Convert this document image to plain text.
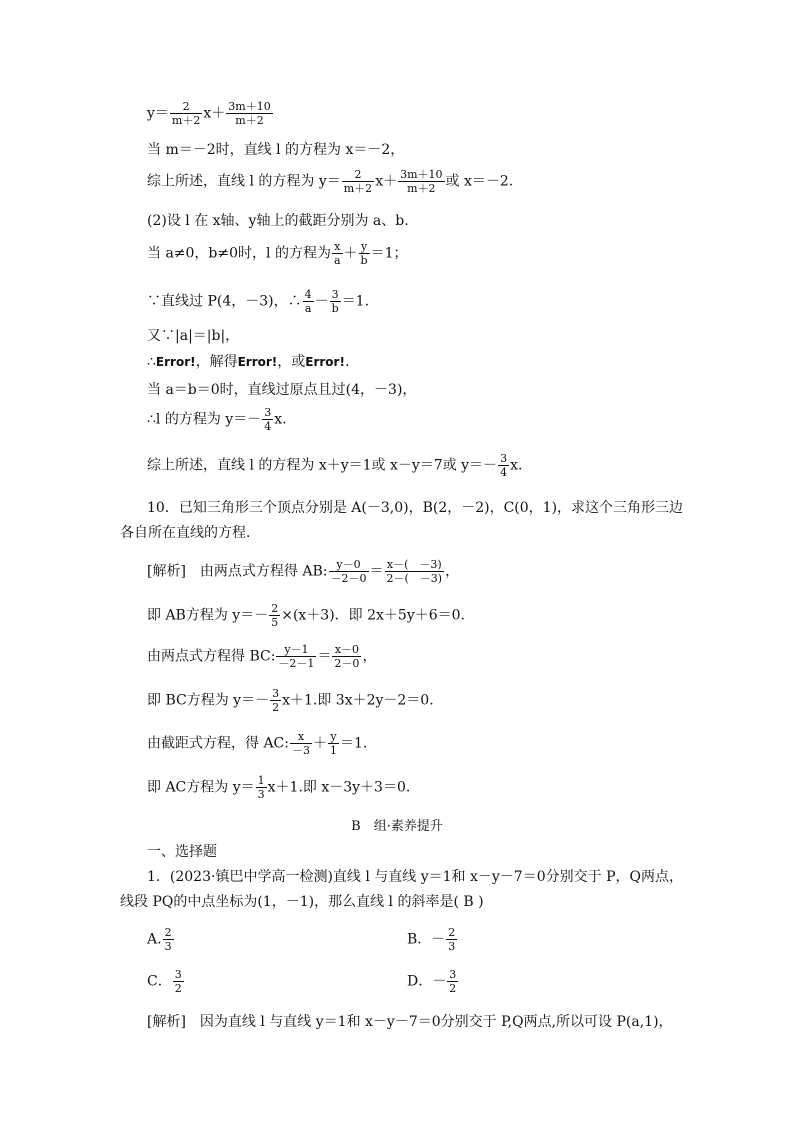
$y= \frac{2}{m+2} x+ \frac{3m+10}{m+2}$
当 m＝－2时，直线 l 的方程为 x＝－2，
综上所述，直线 l 的方程为 $y= \frac{2}{m+2} x+ \frac{3m+10}{m+2}$ 或 x＝－2.
(2)设 l 在 x轴、y轴上的截距分别为 a、b.
当 a≠0，b≠0时，l 的方程为 $\frac{x}{a} + \frac{y}{b} =1$；
∵直线过 P(4，－3)，∴ $\frac{4}{a} - \frac{3}{b} =1$.
又∵|a|＝|b|，
∴Error!，解得Error!，或Error!.
当 a＝b＝0时，直线过原点且过(4，－3)，
∴l 的方程为 $y=- \frac{3}{4} x$.
综上所述，直线 l 的方程为 x＋y＝1或 x－y＝7或 $y=- \frac{3}{4} x$.
10．已知三角形三个顶点分别是 A(－3,0)，B(2，－2)，C(0，1)，求这个三角形三边
各自所在直线的方程．
[解析]　由两点式方程得 AB: $\frac{y-0}{-2-0} = \frac{x-( -3)}{2-( -3)}$ ，
即 AB方程为 $y=- \frac{2}{5} \times(x+3)$．即 2x＋5y＋6＝0.
由两点式方程得 BC: $\frac{y-1}{-2-1} = \frac{x-0}{2-0}$ ，
即 BC方程为 $y=- \frac{3}{2} x+1$.即 3x＋2y－2＝0.
由截距式方程，得 AC: $\frac{x}{-3} + \frac{y}{1} =1$.
即 AC方程为 $y= \frac{1}{3} x+1$.即 x－3y＋3＝0.
B　组·素养提升
一、选择题
1．(2023·镇巴中学高一检测)直线 l 与直线 y＝1和 x－y－7＝0分别交于 P，Q两点，
线段 PQ的中点坐标为(1，－1)，那么直线 l 的斜率是( B )
A. $\frac{2}{3}$	B．－ $\frac{2}{3}$
C． $\frac{3}{2}$	D．－ $\frac{3}{2}$
[解析]　因为直线 l 与直线 y＝1和 x－y－7＝0分别交于 P,Q两点,所以可设 P(a,1)，
